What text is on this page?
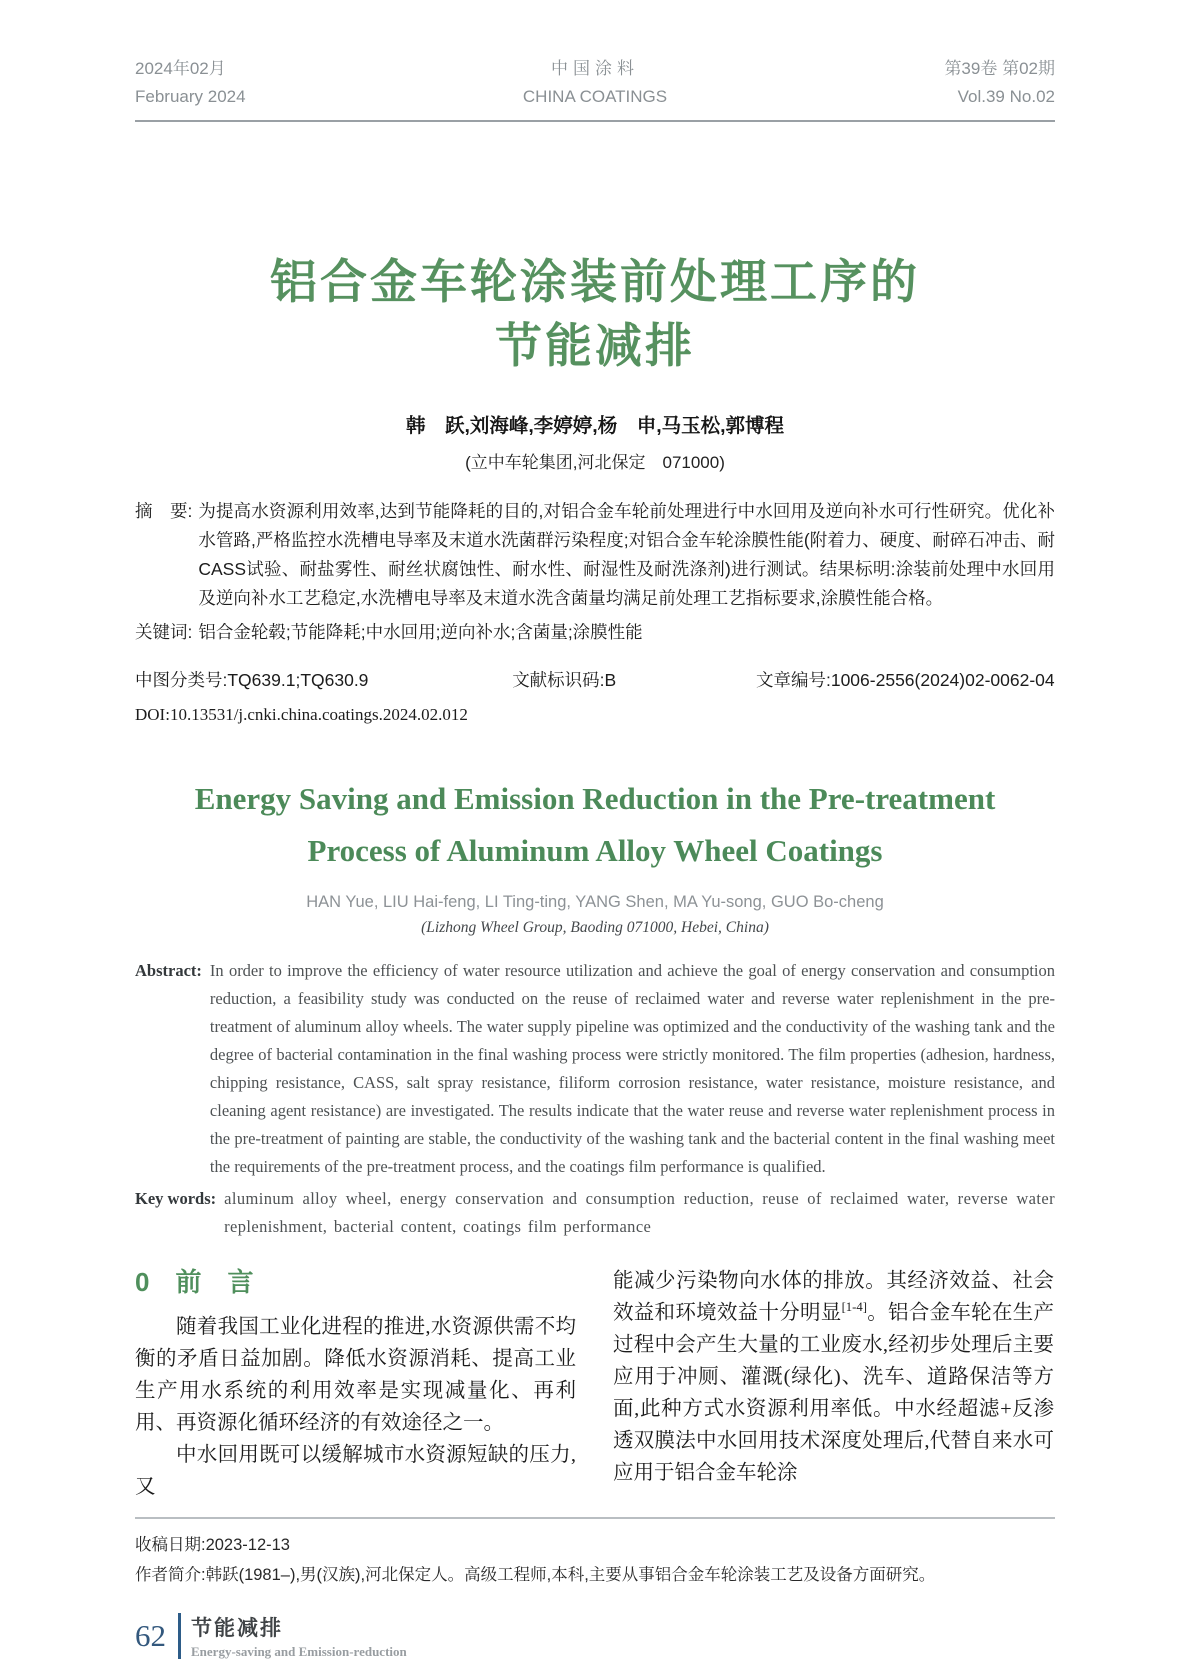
2024年02月
February 2024
中国涂料
CHINA COATINGS
第39卷 第02期
Vol.39 No.02
铝合金车轮涂装前处理工序的
节能减排
韩　跃,刘海峰,李婷婷,杨　申,马玉松,郭博程
(立中车轮集团,河北保定　071000)
摘　要: 为提高水资源利用效率,达到节能降耗的目的,对铝合金车轮前处理进行中水回用及逆向补水可行性研究。优化补水管路,严格监控水洗槽电导率及末道水洗菌群污染程度;对铝合金车轮涂膜性能(附着力、硬度、耐碎石冲击、耐CASS试验、耐盐雾性、耐丝状腐蚀性、耐水性、耐湿性及耐洗涤剂)进行测试。结果标明:涂装前处理中水回用及逆向补水工艺稳定,水洗槽电导率及末道水洗含菌量均满足前处理工艺指标要求,涂膜性能合格。
关键词: 铝合金轮毂;节能降耗;中水回用;逆向补水;含菌量;涂膜性能
中图分类号:TQ639.1;TQ630.9	文献标识码:B	文章编号:1006-2556(2024)02-0062-04
DOI:10.13531/j.cnki.china.coatings.2024.02.012
Energy Saving and Emission Reduction in the Pre-treatment
Process of Aluminum Alloy Wheel Coatings
HAN Yue, LIU Hai-feng, LI Ting-ting, YANG Shen, MA Yu-song, GUO Bo-cheng
(Lizhong Wheel Group, Baoding 071000, Hebei, China)
Abstract: In order to improve the efficiency of water resource utilization and achieve the goal of energy conservation and consumption reduction, a feasibility study was conducted on the reuse of reclaimed water and reverse water replenishment in the pre-treatment of aluminum alloy wheels. The water supply pipeline was optimized and the conductivity of the washing tank and the degree of bacterial contamination in the final washing process were strictly monitored. The film properties (adhesion, hardness, chipping resistance, CASS, salt spray resistance, filiform corrosion resistance, water resistance, moisture resistance, and cleaning agent resistance) are investigated. The results indicate that the water reuse and reverse water replenishment process in the pre-treatment of painting are stable, the conductivity of the washing tank and the bacterial content in the final washing meet the requirements of the pre-treatment process, and the coatings film performance is qualified.
Key words: aluminum alloy wheel, energy conservation and consumption reduction, reuse of reclaimed water, reverse water replenishment, bacterial content, coatings film performance
0　前　言
随着我国工业化进程的推进,水资源供需不均衡的矛盾日益加剧。降低水资源消耗、提高工业生产用水系统的利用效率是实现减量化、再利用、再资源化循环经济的有效途径之一。
中水回用既可以缓解城市水资源短缺的压力,又
能减少污染物向水体的排放。其经济效益、社会效益和环境效益十分明显[1-4]。铝合金车轮在生产过程中会产生大量的工业废水,经初步处理后主要应用于冲厕、灌溉(绿化)、洗车、道路保洁等方面,此种方式水资源利用率低。中水经超滤+反渗透双膜法中水回用技术深度处理后,代替自来水可应用于铝合金车轮涂
收稿日期:2023-12-13
作者简介:韩跃(1981–),男(汉族),河北保定人。高级工程师,本科,主要从事铝合金车轮涂装工艺及设备方面研究。
62 节能减排
Energy-saving and Emission-reduction
